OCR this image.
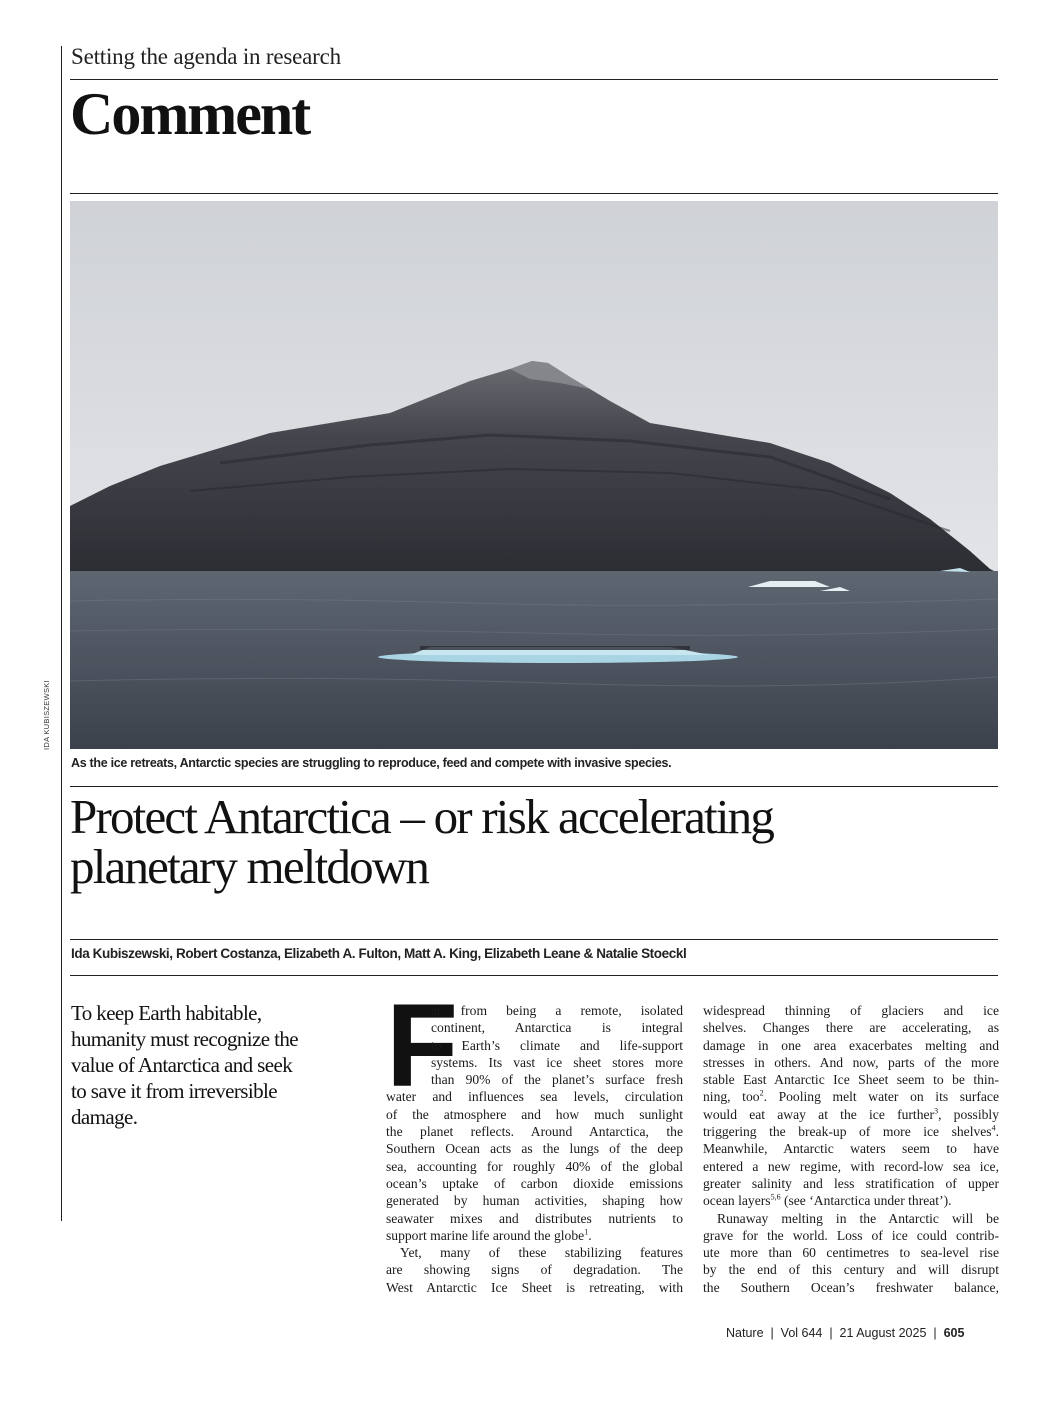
Setting the agenda in research
Comment
IDA KUBISZEWSKI
As the ice retreats, Antarctic species are struggling to reproduce, feed and compete with invasive species.
Protect Antarctica – or risk accelerating
planetary meltdown
Ida Kubiszewski, Robert Costanza, Elizabeth A. Fulton, Matt A. King, Elizabeth Leane & Natalie Stoeckl
To keep Earth habitable,
humanity must recognize the
value of Antarctica and seek
to save it from irreversible
damage.
F
ar from being a remote, isolated
continent, Antarctica is integral
to Earth’s climate and life-support
systems. Its vast ice sheet stores more
than 90% of the planet’s surface fresh
water and influences sea levels, circulation
of the atmosphere and how much sunlight
the planet reflects. Around Antarctica, the
Southern Ocean acts as the lungs of the deep
sea, accounting for roughly 40% of the global
ocean’s uptake of carbon dioxide emissions
generated by human activities, shaping how
seawater mixes and distributes nutrients to
support marine life around the globe$^1$.
Yet, many of these stabilizing features
are showing signs of degradation. The
West Antarctic Ice Sheet is retreating, with
widespread thinning of glaciers and ice
shelves. Changes there are accelerating, as
damage in one area exacerbates melting and
stresses in others. And now, parts of the more
stable East Antarctic Ice Sheet seem to be thin-
ning, too$^2$. Pooling melt water on its surface
would eat away at the ice further$^3$, possibly
triggering the break-up of more ice shelves$^4$.
Meanwhile, Antarctic waters seem to have
entered a new regime, with record-low sea ice,
greater salinity and less stratification of upper
ocean layers$^{5,6}$ (see ‘Antarctica under threat’).
Runaway melting in the Antarctic will be
grave for the world. Loss of ice could contrib-
ute more than 60 centimetres to sea-level rise
by the end of this century and will disrupt
the Southern Ocean’s freshwater balance,
Nature  |  Vol 644  |  21 August 2025  |  605
